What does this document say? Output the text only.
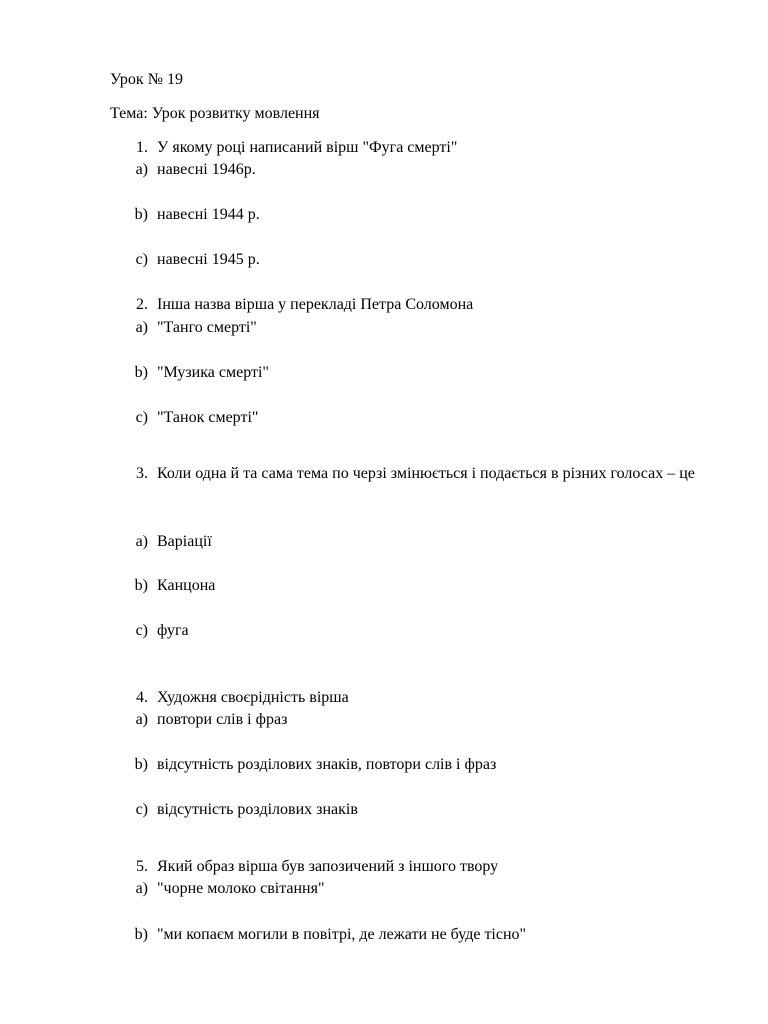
Урок № 19
Тема: Урок розвитку мовлення
1. У якому році написаний вірш "Фуга смерті"
a) навесні 1946р.
b) навесні 1944 р.
c) навесні 1945 р.
2. Інша назва вірша у перекладі Петра Соломона
a) "Танго смерті"
b) "Музика смерті"
c) "Танок смерті"
3. Коли одна й та сама тема по черзі змінюється і подається в різних голосах – це
a) Варіації
b) Канцона
c) фуга
4. Художня своєрідність вірша
a) повтори слів і фраз
b) відсутність розділових знаків, повтори слів і фраз
c) відсутність розділових знаків
5. Який образ вірша був запозичений з іншого твору
a) "чорне молоко світання"
b) "ми копаєм могили в повітрі, де лежати не буде тісно"
